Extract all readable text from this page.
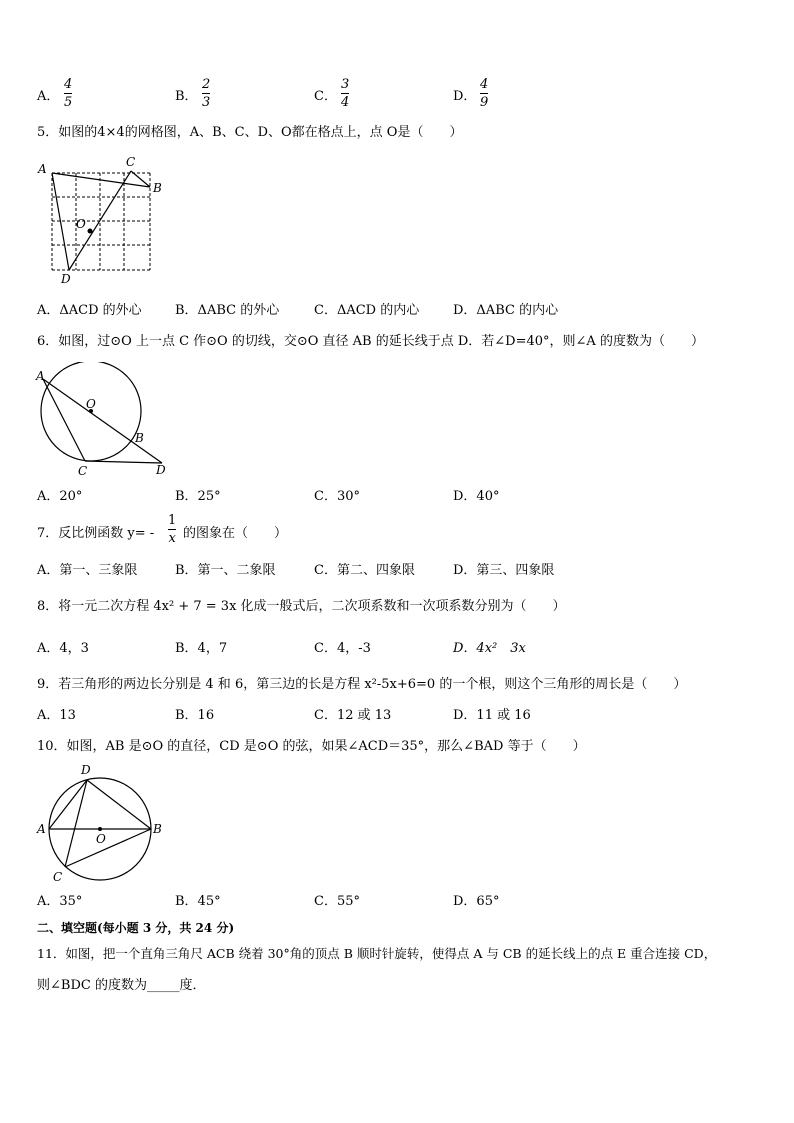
A．
4
5	B．
2
3	C．
3
4	D．
4
9
5．如图的4×4的网格图，A、B、C、D、O都在格点上，点 O是（　　）
A	C
B
O
D
A．ΔACD 的外心	B．ΔABC 的外心	C．ΔACD 的内心	D．ΔABC 的内心
6．如图，过⊙O 上一点 C 作⊙O 的切线，交⊙O 直径 AB 的延长线于点 D．若∠D=40°，则∠A 的度数为（　　）
A
O
B
C	D
A．20°	B．25°	C．30°	D．40°
7．反比例函数 y= -
1
x 的图象在（　　）
A．第一、三象限	B．第一、二象限	C．第二、四象限	D．第三、四象限
8．将一元二次方程 4x² + 7 = 3x 化成一般式后，二次项系数和一次项系数分别为（　　）
A．4，3	B．4，7	C．4，-3	D．4x²　3x
9．若三角形的两边长分别是 4 和 6，第三边的长是方程 x²-5x+6=0 的一个根，则这个三角形的周长是（　　）
A．13	B．16	C．12 或 13	D．11 或 16
10．如图，AB 是⊙O 的直径，CD 是⊙O 的弦，如果∠ACD＝35°，那么∠BAD 等于（　　）
D
A	B
O
C
A．35°	B．45°	C．55°	D．65°
二、填空题(每小题 3 分，共 24 分)
11．如图，把一个直角三角尺 ACB 绕着 30°角的顶点 B 顺时针旋转，使得点 A 与 CB 的延长线上的点 E 重合连接 CD，
则∠BDC 的度数为_____度．
